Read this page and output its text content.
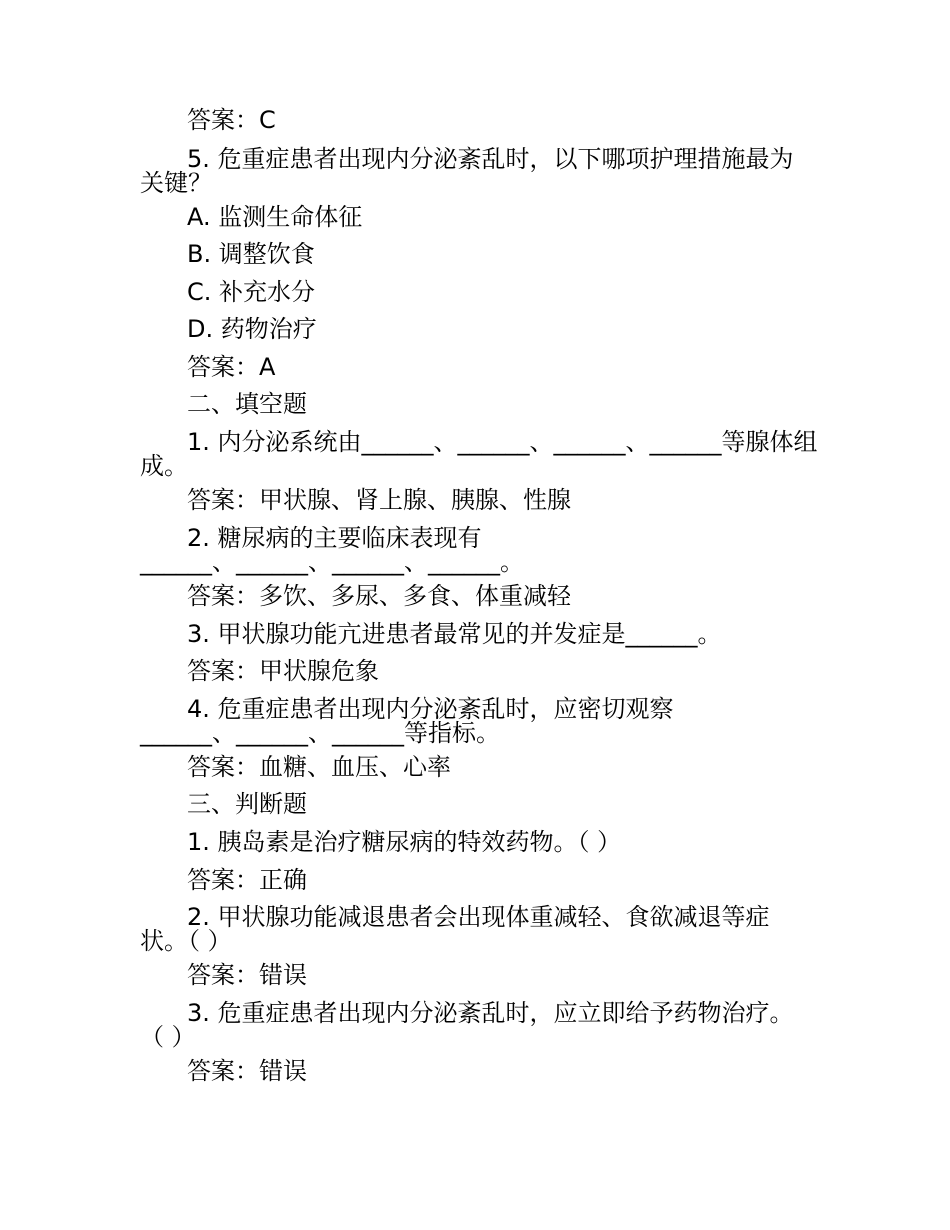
答案：C
5. 危重症患者出现内分泌紊乱时，以下哪项护理措施最为
关键？
A. 监测生命体征
B. 调整饮食
C. 补充水分
D. 药物治疗
答案：A
二、填空题
1. 内分泌系统由______、______、______、______等腺体组
成。
答案：甲状腺、肾上腺、胰腺、性腺
2. 糖尿病的主要临床表现有
______、______、______、______。
答案：多饮、多尿、多食、体重减轻
3. 甲状腺功能亢进患者最常见的并发症是______。
答案：甲状腺危象
4. 危重症患者出现内分泌紊乱时，应密切观察
______、______、______等指标。
答案：血糖、血压、心率
三、判断题
1. 胰岛素是治疗糖尿病的特效药物。（ ）
答案：正确
2. 甲状腺功能减退患者会出现体重减轻、食欲减退等症
状。（ ）
答案：错误
3. 危重症患者出现内分泌紊乱时，应立即给予药物治疗。
（ ）
答案：错误
